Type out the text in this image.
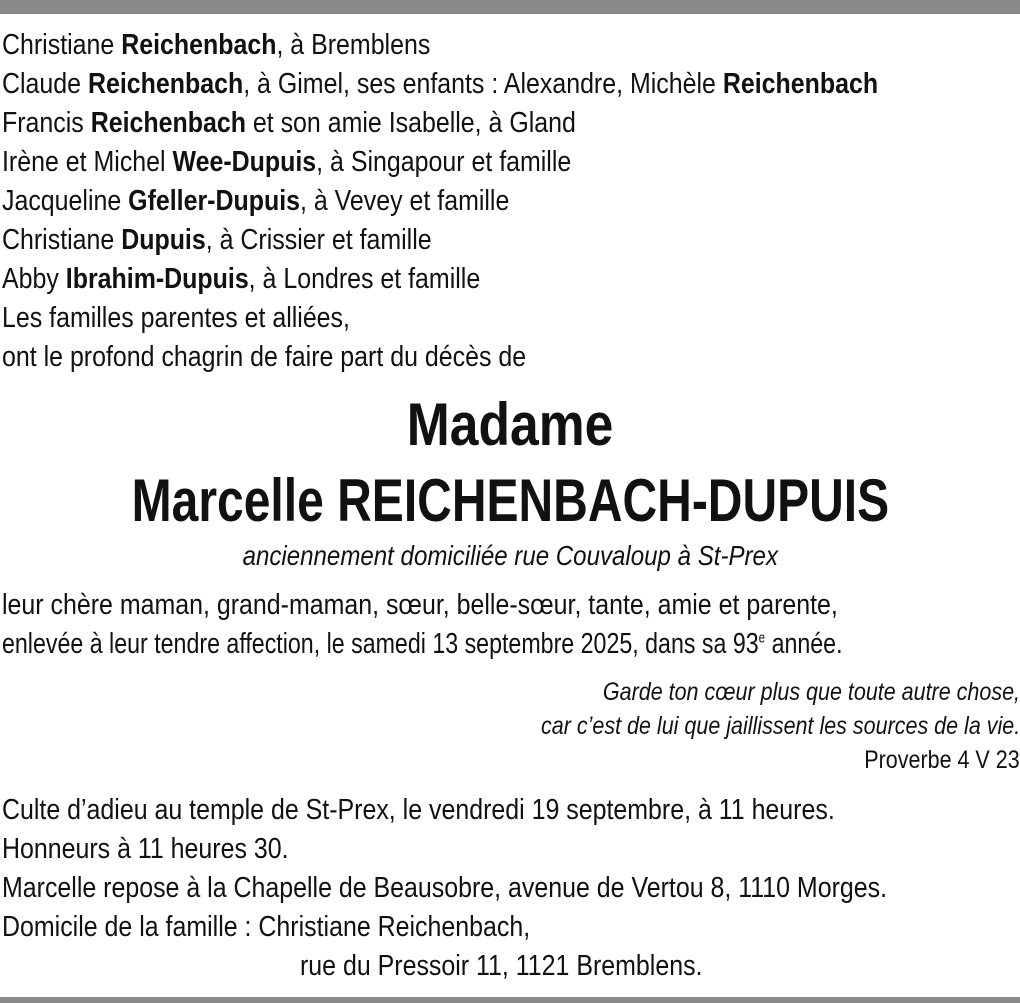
Christiane Reichenbach, à Bremblens
Claude Reichenbach, à Gimel, ses enfants : Alexandre, Michèle Reichenbach
Francis Reichenbach et son amie Isabelle, à Gland
Irène et Michel Wee-Dupuis, à Singapour et famille
Jacqueline Gfeller-Dupuis, à Vevey et famille
Christiane Dupuis, à Crissier et famille
Abby Ibrahim-Dupuis, à Londres et famille
Les familles parentes et alliées,
ont le profond chagrin de faire part du décès de
Madame
Marcelle REICHENBACH-DUPUIS
anciennement domiciliée rue Couvaloup à St-Prex
leur chère maman, grand-maman, sœur, belle-sœur, tante, amie et parente,
enlevée à leur tendre affection, le samedi 13 septembre 2025, dans sa 93e année.
Garde ton cœur plus que toute autre chose,
car c’est de lui que jaillissent les sources de la vie.
Proverbe 4 V 23
Culte d’adieu au temple de St-Prex, le vendredi 19 septembre, à 11 heures.
Honneurs à 11 heures 30.
Marcelle repose à la Chapelle de Beausobre, avenue de Vertou 8, 1110 Morges.
Domicile de la famille : Christiane Reichenbach,
rue du Pressoir 11, 1121 Bremblens.
